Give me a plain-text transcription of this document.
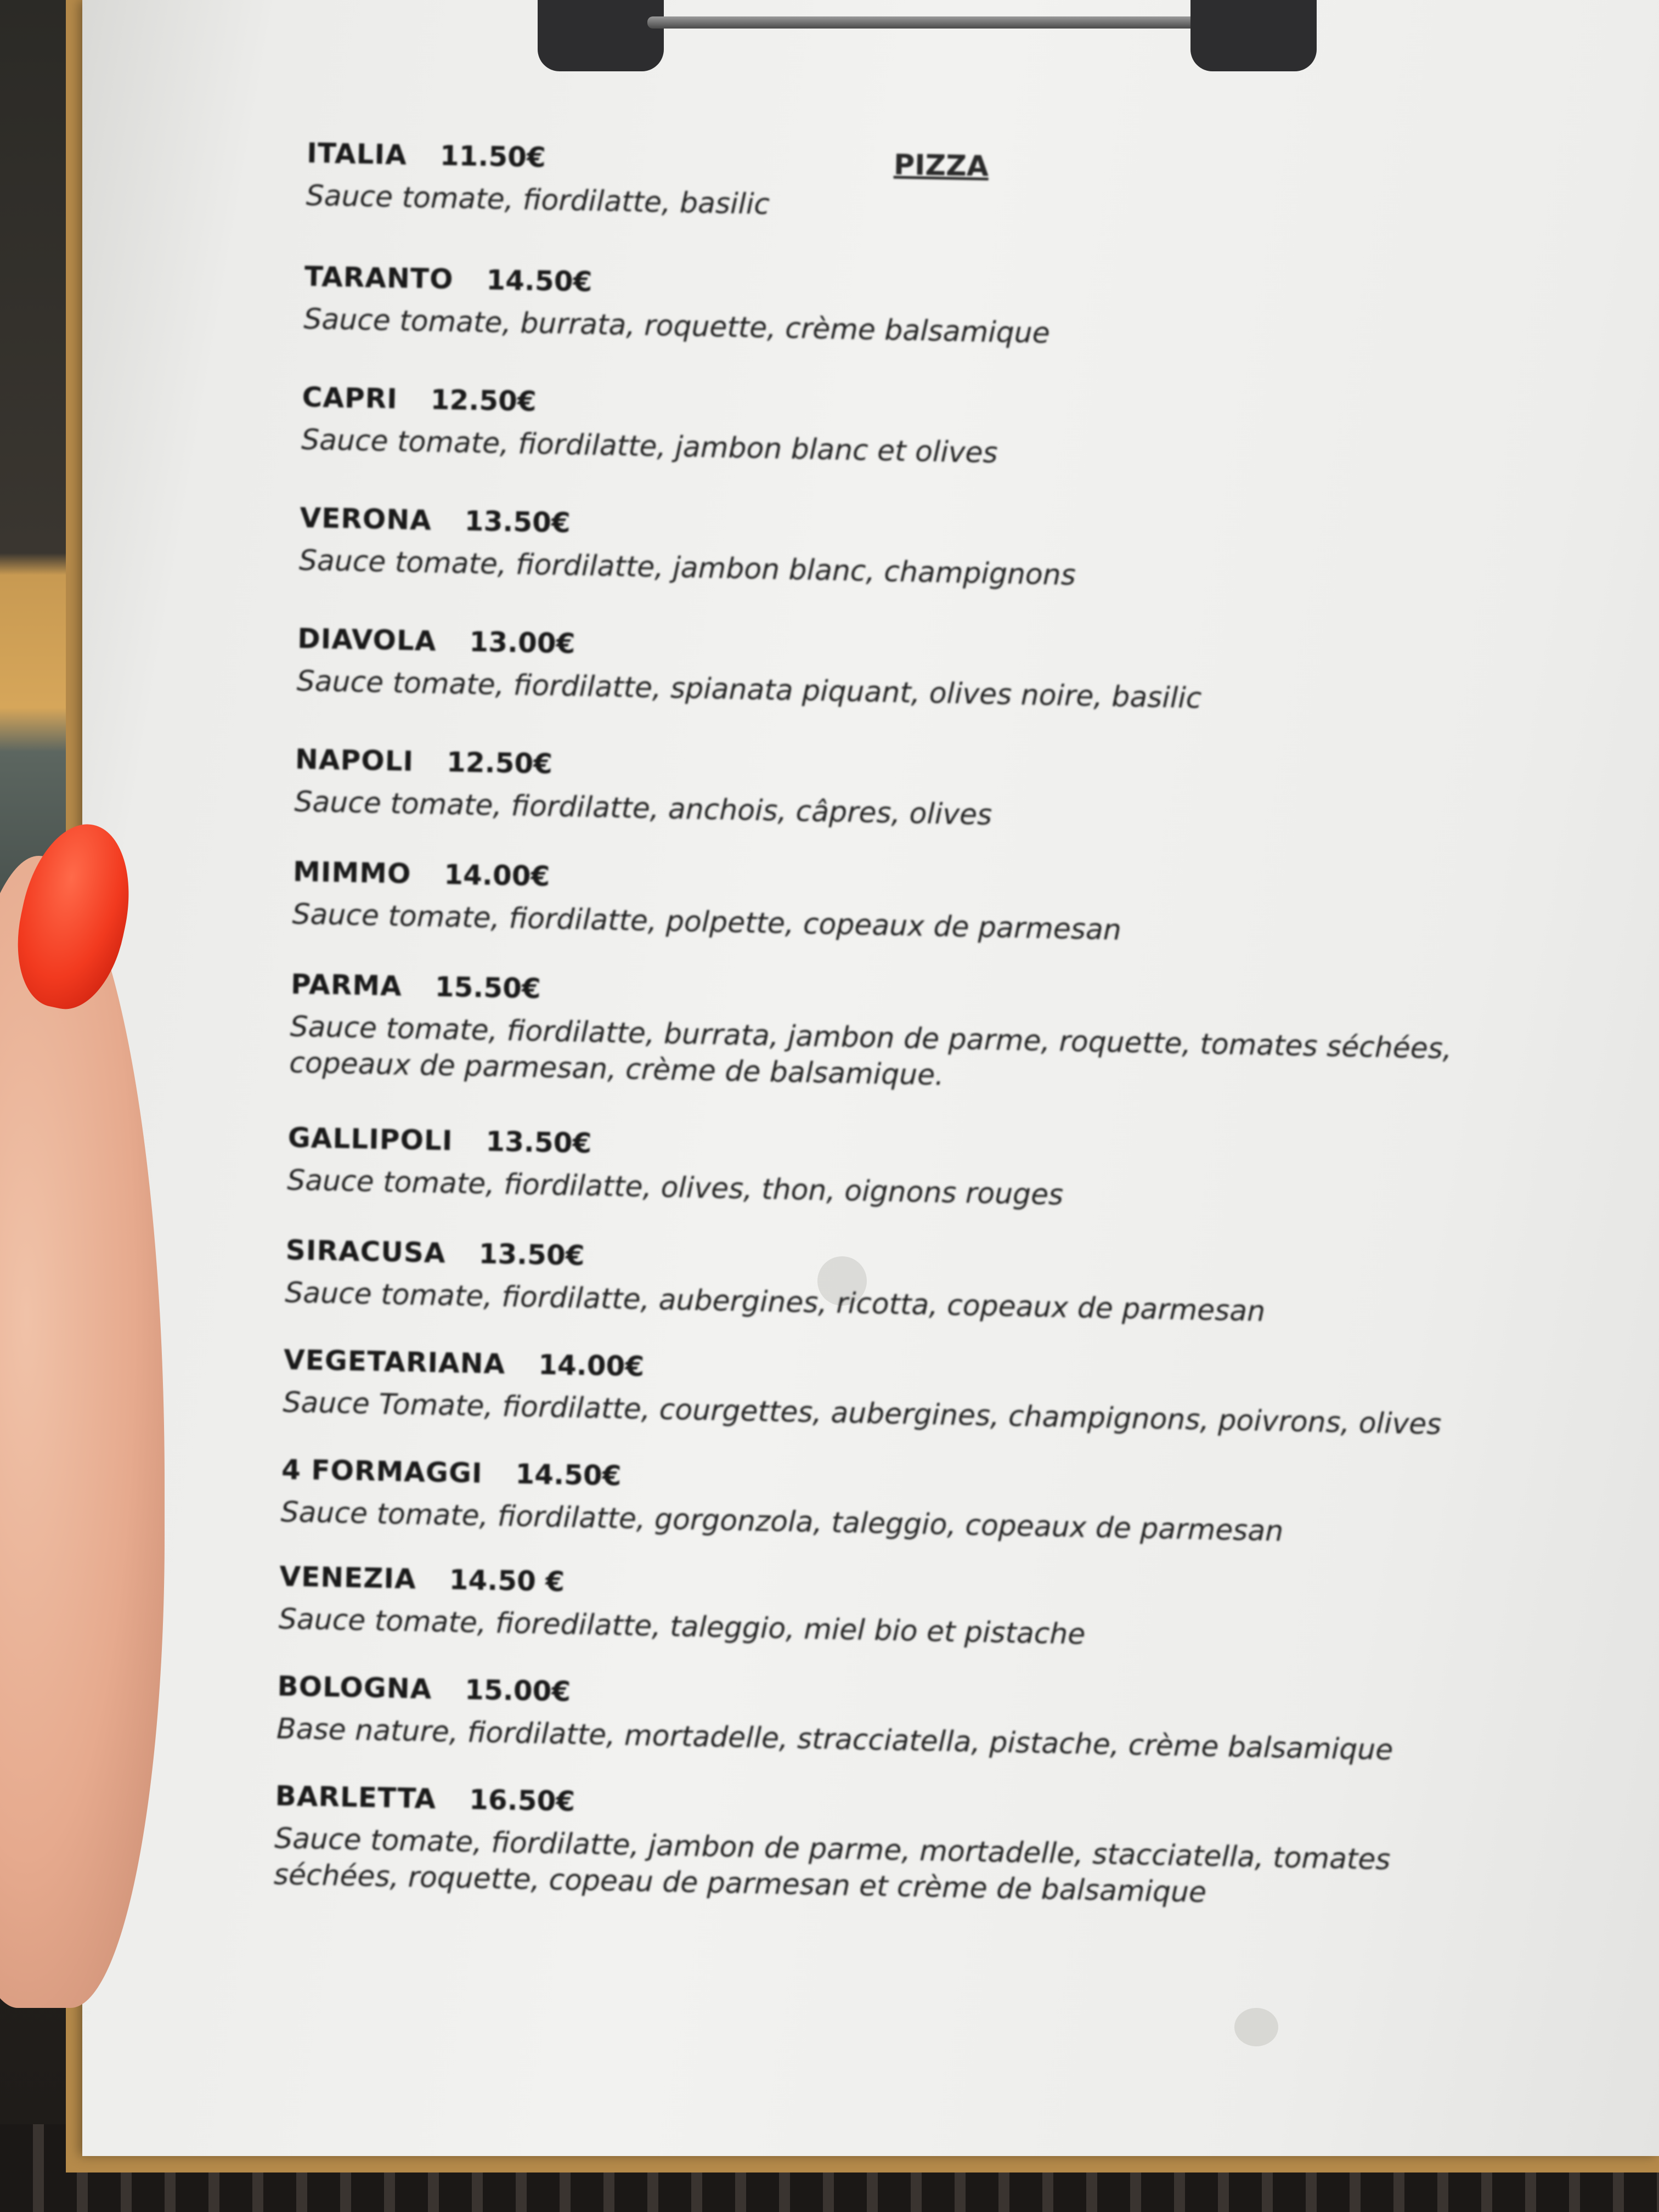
PIZZA
ITALIA 11.50€
Sauce tomate, fiordilatte, basilic
TARANTO 14.50€
Sauce tomate, burrata, roquette, crème balsamique
CAPRI 12.50€
Sauce tomate, fiordilatte, jambon blanc et olives
VERONA 13.50€
Sauce tomate, fiordilatte, jambon blanc, champignons
DIAVOLA 13.00€
Sauce tomate, fiordilatte, spianata piquant, olives noire, basilic
NAPOLI 12.50€
Sauce tomate, fiordilatte, anchois, câpres, olives
MIMMO 14.00€
Sauce tomate, fiordilatte, polpette, copeaux de parmesan
PARMA 15.50€
Sauce tomate, fiordilatte, burrata, jambon de parme, roquette, tomates séchées, copeaux de parmesan, crème de balsamique.
GALLIPOLI 13.50€
Sauce tomate, fiordilatte, olives, thon, oignons rouges
SIRACUSA 13.50€
Sauce tomate, fiordilatte, aubergines, ricotta, copeaux de parmesan
VEGETARIANA 14.00€
Sauce Tomate, fiordilatte, courgettes, aubergines, champignons, poivrons, olives
4 FORMAGGI 14.50€
Sauce tomate, fiordilatte, gorgonzola, taleggio, copeaux de parmesan
VENEZIA 14.50 €
Sauce tomate, fioredilatte, taleggio, miel bio et pistache
BOLOGNA 15.00€
Base nature, fiordilatte, mortadelle, stracciatella, pistache, crème balsamique
BARLETTA 16.50€
Sauce tomate, fiordilatte, jambon de parme, mortadelle, stacciatella, tomates séchées, roquette, copeau de parmesan et crème de balsamique
